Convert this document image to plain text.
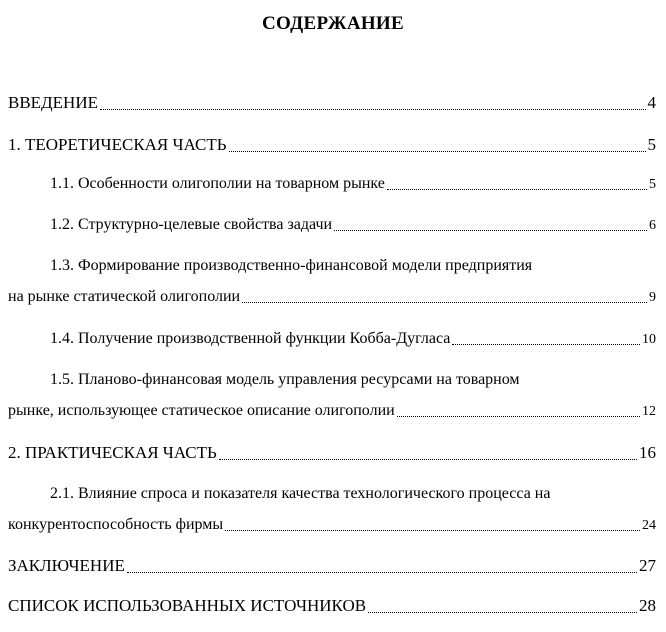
СОДЕРЖАНИЕ
ВВЕДЕНИЕ	4
1. ТЕОРЕТИЧЕСКАЯ ЧАСТЬ	5
1.1. Особенности олигополии на товарном рынке	5
1.2. Структурно-целевые свойства задачи	6
1.3. Формирование производственно-финансовой модели предприятия
на рынке статической олигополии	9
1.4. Получение производственной функции Кобба-Дугласа	10
1.5. Планово-финансовая модель управления ресурсами на товарном
рынке, использующее статическое описание олигополии	12
2. ПРАКТИЧЕСКАЯ ЧАСТЬ	16
2.1. Влияние спроса и показателя качества технологического процесса на
конкурентоспособность фирмы	24
ЗАКЛЮЧЕНИЕ	27
СПИСОК ИСПОЛЬЗОВАННЫХ ИСТОЧНИКОВ	28
